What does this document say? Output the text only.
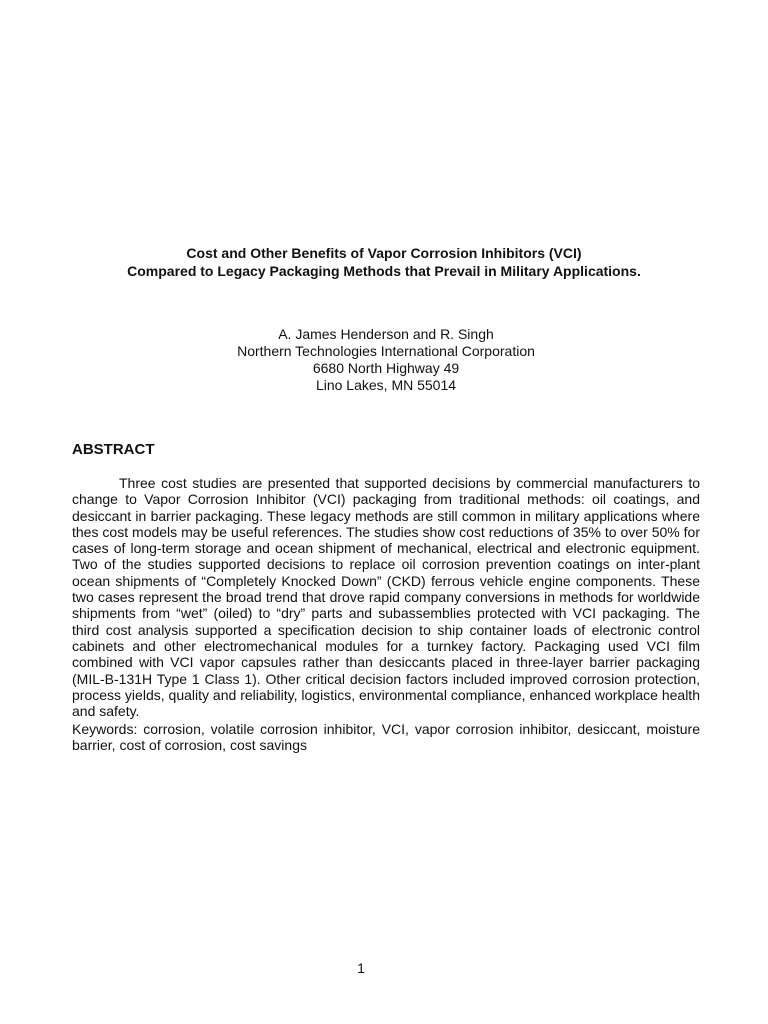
Cost and Other Benefits of Vapor Corrosion Inhibitors (VCI)
Compared to Legacy Packaging Methods that Prevail in Military Applications.
A. James Henderson and R. Singh
Northern Technologies International Corporation
6680 North Highway 49
Lino Lakes, MN 55014
ABSTRACT

Three cost studies are presented that supported decisions by commercial manufacturers to change to Vapor Corrosion Inhibitor (VCI) packaging from traditional methods: oil coatings, and desiccant in barrier packaging. These legacy methods are still common in military applications where thes cost models may be useful references. The studies show cost reductions of 35% to over 50% for cases of long-term storage and ocean shipment of mechanical, electrical and electronic equipment. Two of the studies supported decisions to replace oil corrosion prevention coatings on inter-plant ocean shipments of “Completely Knocked Down” (CKD) ferrous vehicle engine components. These two cases represent the broad trend that drove rapid company conversions in methods for worldwide shipments from “wet” (oiled) to “dry” parts and subassemblies protected with VCI packaging. The third cost analysis supported a specification decision to ship container loads of electronic control cabinets and other electromechanical modules for a turnkey factory. Packaging used VCI film combined with VCI vapor capsules rather than desiccants placed in three-layer barrier packaging (MIL-B-131H Type 1 Class 1). Other critical decision factors included improved corrosion protection, process yields, quality and reliability, logistics, environmental compliance, enhanced workplace health and safety.

Keywords: corrosion, volatile corrosion inhibitor, VCI, vapor corrosion inhibitor, desiccant, moisture barrier, cost of corrosion, cost savings

1
